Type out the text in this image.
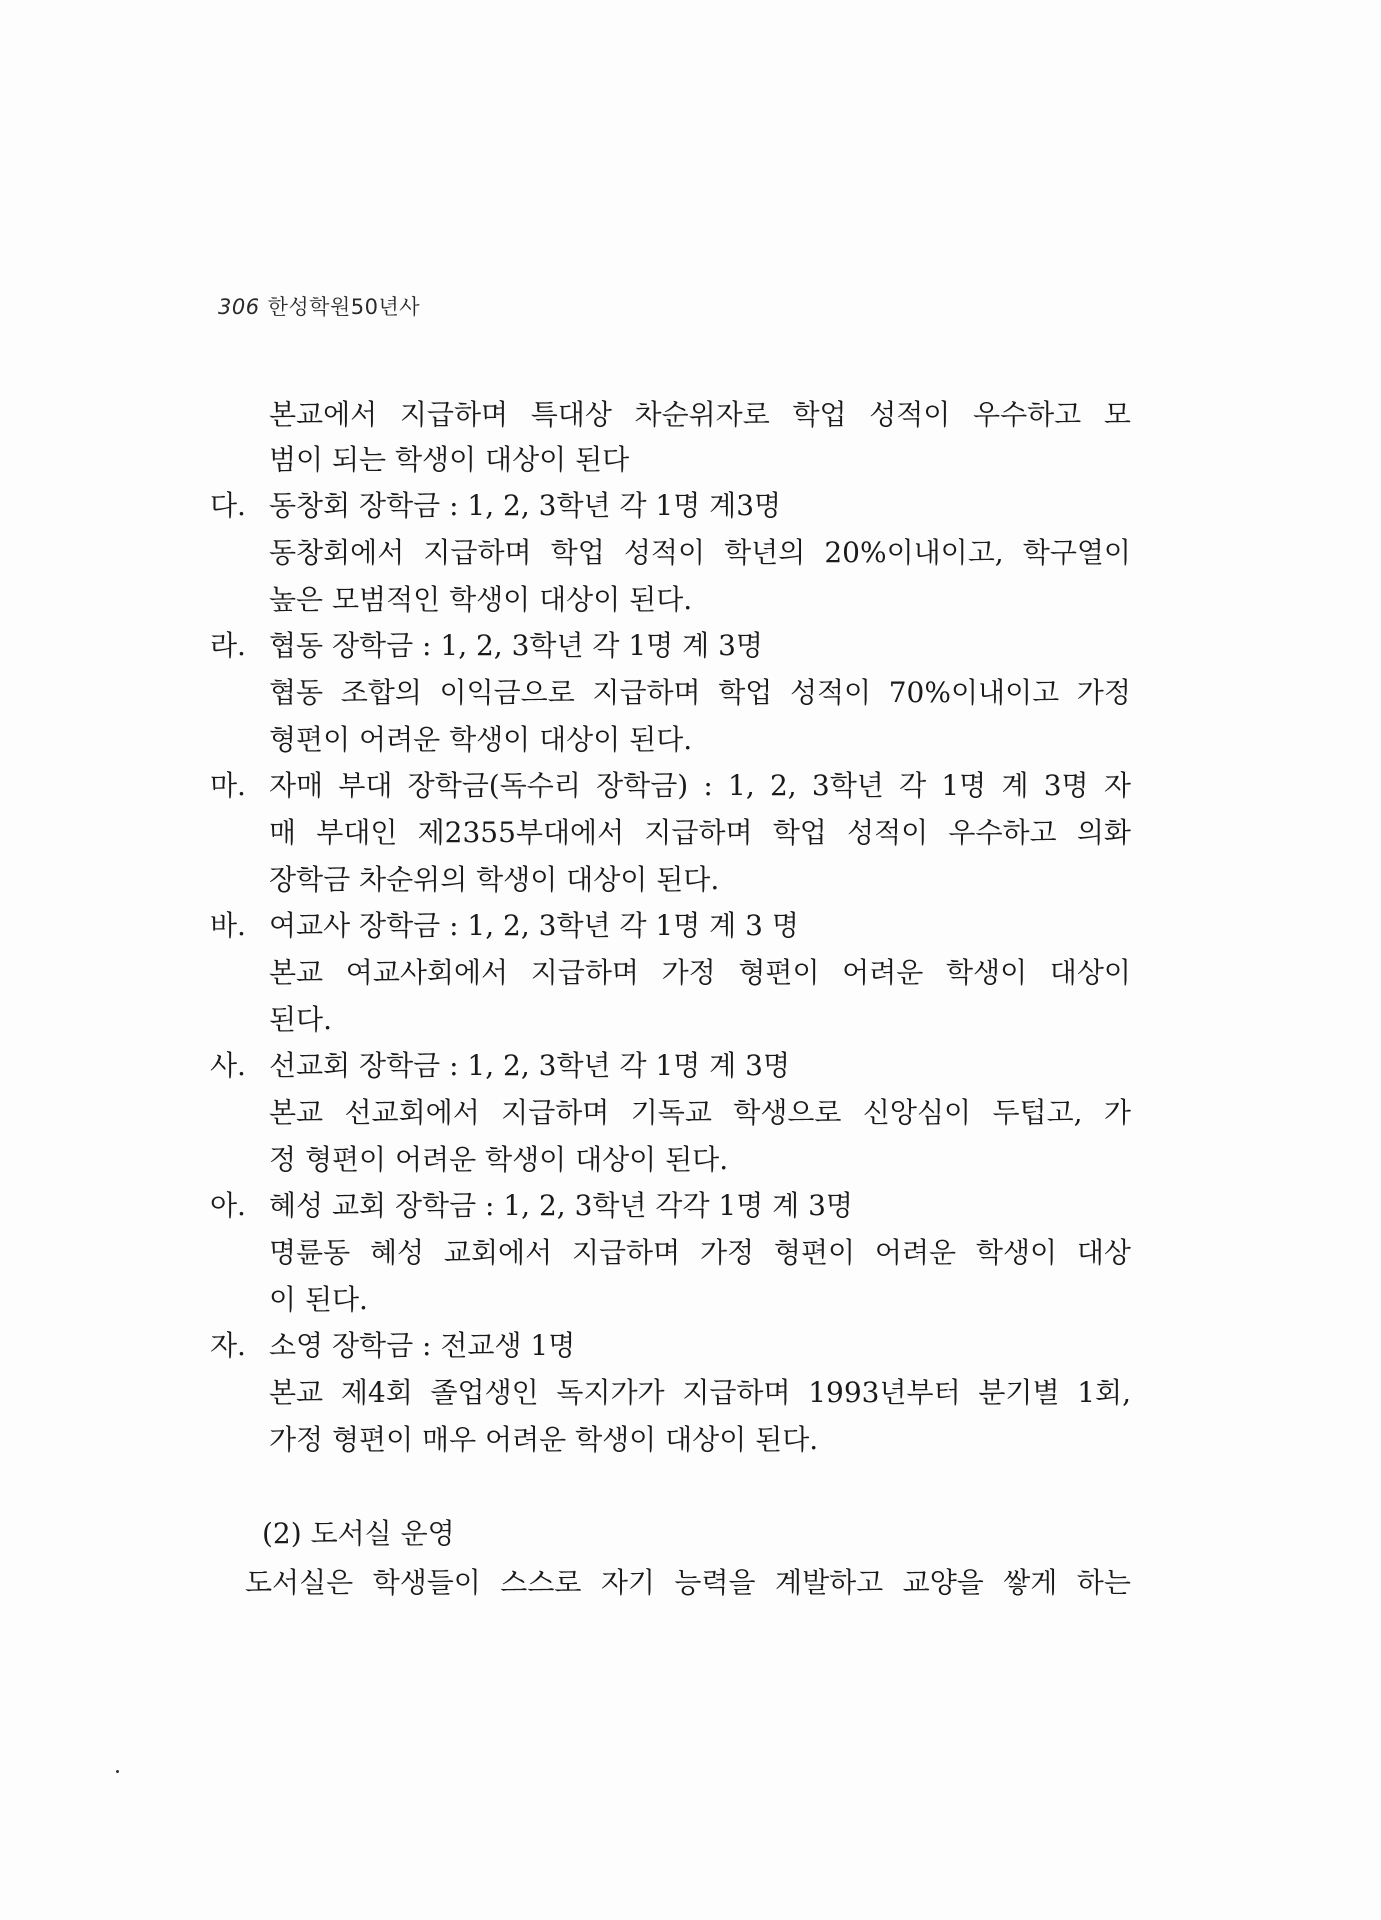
306 한성학원50년사
본교에서 지급하며 특대상 차순위자로 학업 성적이 우수하고 모
범이 되는 학생이 대상이 된다
다. 동창회 장학금 : 1, 2, 3학년 각 1명 계3명
동창회에서 지급하며 학업 성적이 학년의 20%이내이고, 학구열이
높은 모범적인 학생이 대상이 된다.
라. 협동 장학금 : 1, 2, 3학년 각 1명 계 3명
협동 조합의 이익금으로 지급하며 학업 성적이 70%이내이고 가정
형편이 어려운 학생이 대상이 된다.
마. 자매 부대 장학금(독수리 장학금) : 1, 2, 3학년 각 1명 계 3명 자
매 부대인 제2355부대에서 지급하며 학업 성적이 우수하고 의화
장학금 차순위의 학생이 대상이 된다.
바. 여교사 장학금 : 1, 2, 3학년 각 1명 계 3 명
본교 여교사회에서 지급하며 가정 형편이 어려운 학생이 대상이
된다.
사. 선교회 장학금 : 1, 2, 3학년 각 1명 계 3명
본교 선교회에서 지급하며 기독교 학생으로 신앙심이 두텁고, 가
정 형편이 어려운 학생이 대상이 된다.
아. 혜성 교회 장학금 : 1, 2, 3학년 각각 1명 계 3명
명륜동 혜성 교회에서 지급하며 가정 형편이 어려운 학생이 대상
이 된다.
자. 소영 장학금 : 전교생 1명
본교 제4회 졸업생인 독지가가 지급하며 1993년부터 분기별 1회,
가정 형편이 매우 어려운 학생이 대상이 된다.
(2) 도서실 운영
도서실은 학생들이 스스로 자기 능력을 계발하고 교양을 쌓게 하는
